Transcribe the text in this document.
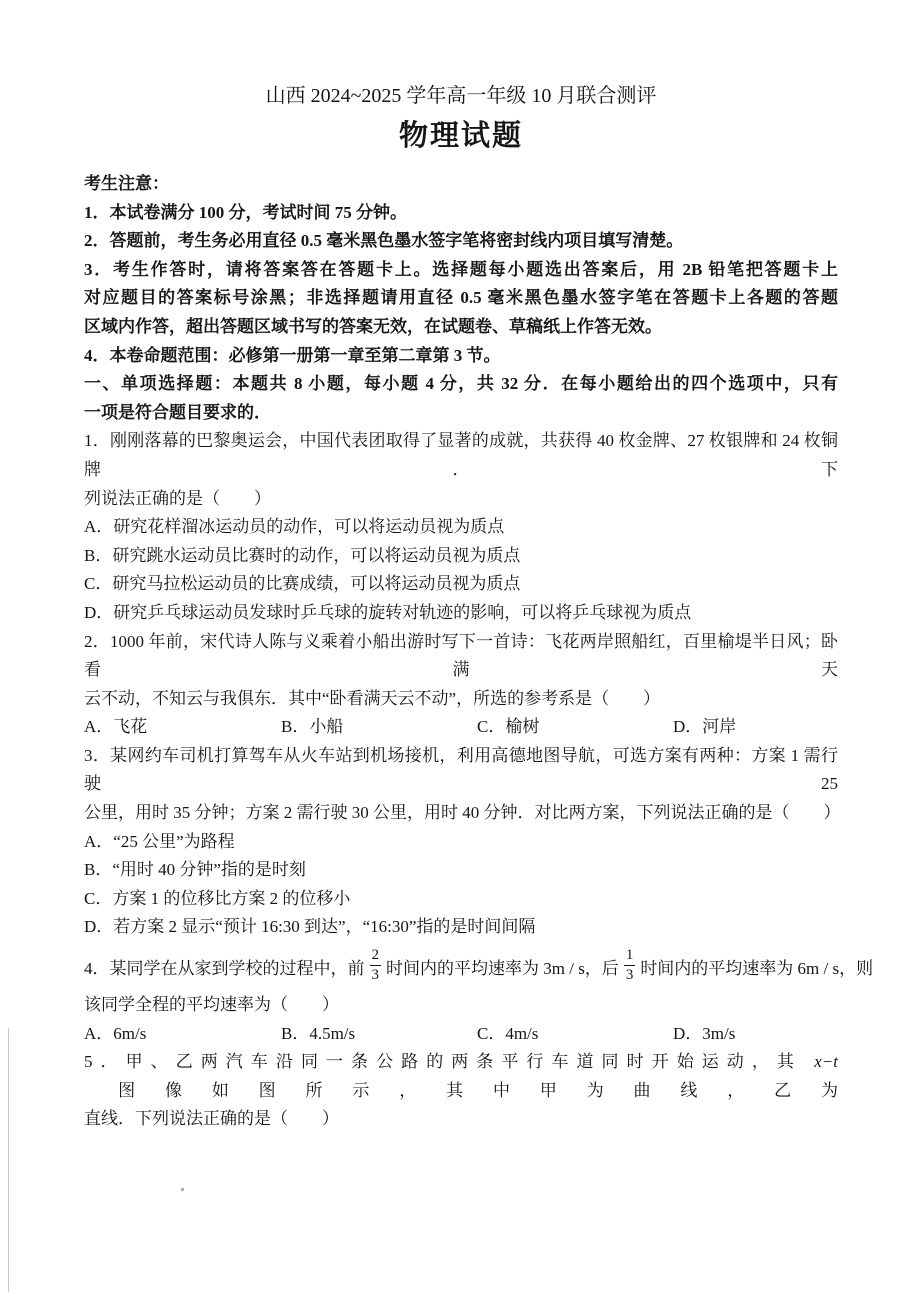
山西 2024~2025 学年高一年级 10 月联合测评
物理试题
考生注意：
1．本试卷满分 100 分，考试时间 75 分钟。
2．答题前，考生务必用直径 0.5 毫米黑色墨水签字笔将密封线内项目填写清楚。
3．考生作答时，请将答案答在答题卡上。选择题每小题选出答案后，用 2B 铅笔把答题卡上
对应题目的答案标号涂黑；非选择题请用直径 0.5 毫米黑色墨水签字笔在答题卡上各题的答题
区域内作答，超出答题区域书写的答案无效，在试题卷、草稿纸上作答无效。
4．本卷命题范围：必修第一册第一章至第二章第 3 节。
一、单项选择题：本题共 8 小题，每小题 4 分，共 32 分．在每小题给出的四个选项中，只有
一项是符合题目要求的．
1．刚刚落幕的巴黎奥运会，中国代表团取得了显著的成就，共获得 40 枚金牌、27 枚银牌和 24 枚铜牌．下
列说法正确的是（　　）
A．研究花样溜冰运动员的动作，可以将运动员视为质点
B．研究跳水运动员比赛时的动作，可以将运动员视为质点
C．研究马拉松运动员的比赛成绩，可以将运动员视为质点
D．研究乒乓球运动员发球时乒乓球的旋转对轨迹的影响，可以将乒乓球视为质点
2．1000 年前，宋代诗人陈与义乘着小船出游时写下一首诗：飞花两岸照船红，百里榆堤半日风；卧看满天
云不动，不知云与我俱东．其中“卧看满天云不动”，所选的参考系是（　　）
A．飞花	B．小船	C．榆树	D．河岸
3．某网约车司机打算驾车从火车站到机场接机，利用高德地图导航，可选方案有两种：方案 1 需行驶 25
公里，用时 35 分钟；方案 2 需行驶 30 公里，用时 40 分钟．对比两方案，下列说法正确的是（　　）
A．“25 公里”为路程
B．“用时 40 分钟”指的是时刻
C．方案 1 的位移比方案 2 的位移小
D．若方案 2 显示“预计 16:30 到达”，“16:30”指的是时间间隔
4．某同学在从家到学校的过程中，前 $\frac{2}{3}$ 时间内的平均速率为 3m / s，后 $\frac{1}{3}$ 时间内的平均速率为 6m / s，则
该同学全程的平均速率为（　　）
A．6m/s	B．4.5m/s	C．4m/s	D．3m/s
5．甲、乙两汽车沿同一条公路的两条平行车道同时开始运动，其 x−t 图像如图所示，其中甲为曲线，乙为
直线．下列说法正确的是（　　）
